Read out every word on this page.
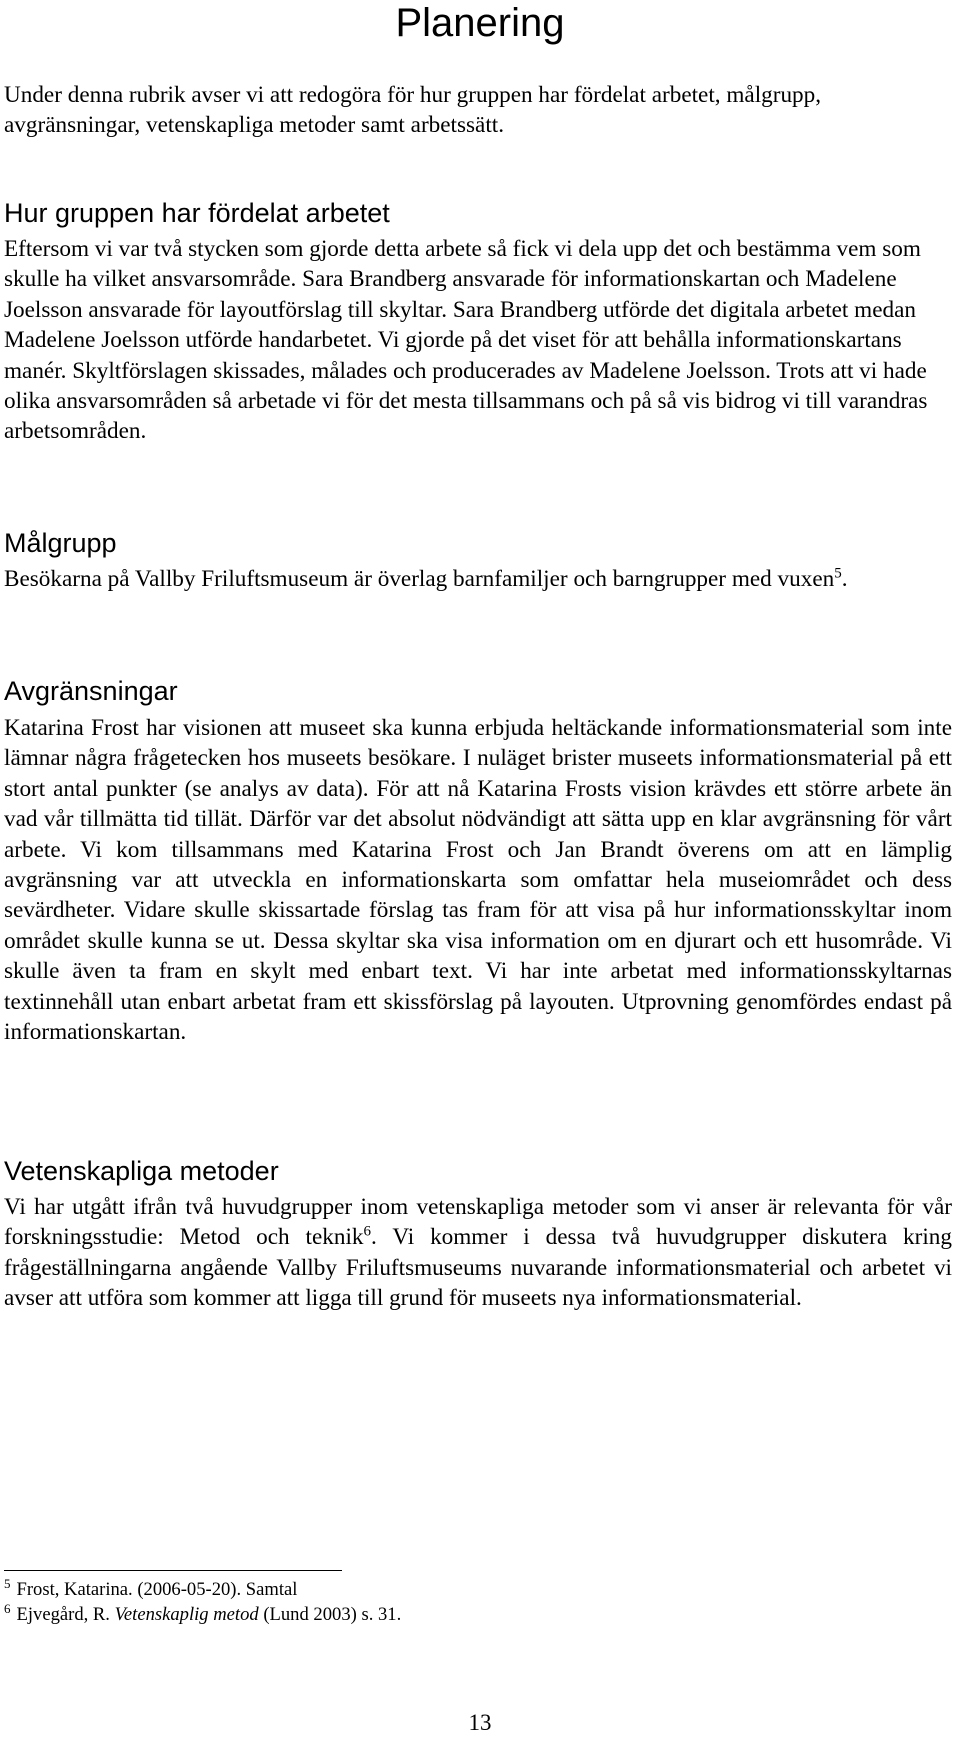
Planering

Under denna rubrik avser vi att redogöra för hur gruppen har fördelat arbetet, målgrupp, avgränsningar, vetenskapliga metoder samt arbetssätt.

Hur gruppen har fördelat arbetet

Eftersom vi var två stycken som gjorde detta arbete så fick vi dela upp det och bestämma vem som skulle ha vilket ansvarsområde. Sara Brandberg ansvarade för informationskartan och Madelene Joelsson ansvarade för layoutförslag till skyltar. Sara Brandberg utförde det digitala arbetet medan Madelene Joelsson utförde handarbetet. Vi gjorde på det viset för att behålla informationskartans manér. Skyltförslagen skissades, målades och producerades av Madelene Joelsson. Trots att vi hade olika ansvarsområden så arbetade vi för det mesta tillsammans och på så vis bidrog vi till varandras arbetsområden.

Målgrupp

Besökarna på Vallby Friluftsmuseum är överlag barnfamiljer och barngrupper med vuxen$^5$.

Avgränsningar

Katarina Frost har visionen att museet ska kunna erbjuda heltäckande informationsmaterial som inte lämnar några frågetecken hos museets besökare. I nuläget brister museets informationsmaterial på ett stort antal punkter (se analys av data). För att nå Katarina Frosts vision krävdes ett större arbete än vad vår tillmätta tid tillät. Därför var det absolut nödvändigt att sätta upp en klar avgränsning för vårt arbete. Vi kom tillsammans med Katarina Frost och Jan Brandt överens om att en lämplig avgränsning var att utveckla en informationskarta som omfattar hela museiområdet och dess sevärdheter. Vidare skulle skissartade förslag tas fram för att visa på hur informationsskyltar inom området skulle kunna se ut. Dessa skyltar ska visa information om en djurart och ett husområde. Vi skulle även ta fram en skylt med enbart text. Vi har inte arbetat med informationsskyltarnas textinnehåll utan enbart arbetat fram ett skissförslag på layouten. Utprovning genomfördes endast på informationskartan.

Vetenskapliga metoder

Vi har utgått ifrån två huvudgrupper inom vetenskapliga metoder som vi anser är relevanta för vår forskningsstudie: Metod och teknik$^6$. Vi kommer i dessa två huvudgrupper diskutera kring frågeställningarna angående Vallby Friluftsmuseums nuvarande informationsmaterial och arbetet vi avser att utföra som kommer att ligga till grund för museets nya informationsmaterial.

$^5$ Frost, Katarina. (2006-05-20). Samtal

$^6$ Ejvegård, R. Vetenskaplig metod (Lund 2003) s. 31.

13
